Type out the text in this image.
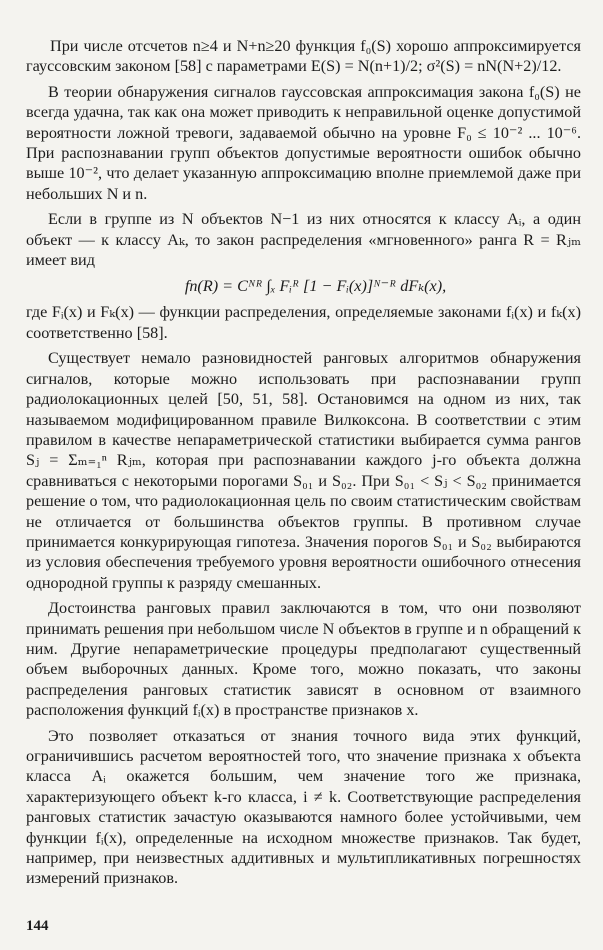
При числе отсчетов n≥4 и N+n≥20 функция f₀(S) хорошо аппроксимируется гауссовским законом [58] с параметрами E(S) = N(n+1)/2; σ²(S) = nN(N+2)/12.

В теории обнаружения сигналов гауссовская аппроксимация закона f₀(S) не всегда удачна, так как она может приводить к неправильной оценке допустимой вероятности ложной тревоги, задаваемой обычно на уровне F₀ ≤ 10⁻² ... 10⁻⁶. При распознавании групп объектов допустимые вероятности ошибок обычно выше 10⁻², что делает указанную аппроксимацию вполне приемлемой даже при небольших N и n.

Если в группе из N объектов N−1 из них относятся к классу Aᵢ, а один объект — к классу Aₖ, то закон распределения «мгновенного» ранга R = Rⱼₘ имеет вид

fп(R) = Cᴺᴿ ∫ₓ Fᵢᴿ [1 − Fᵢ(x)]ᴺ⁻ᴿ dFₖ(x),

где Fᵢ(x) и Fₖ(x) — функции распределения, определяемые законами fᵢ(x) и fₖ(x) соответственно [58].

Существует немало разновидностей ранговых алгоритмов обнаружения сигналов, которые можно использовать при распознавании групп радиолокационных целей [50, 51, 58]. Остановимся на одном из них, так называемом модифицированном правиле Вилкоксона. В соответствии с этим правилом в качестве непараметрической статистики выбирается сумма рангов Sⱼ = Σₘ₌₁ⁿ Rⱼₘ, которая при распознавании каждого j-го объекта должна сравниваться с некоторыми порогами S₀₁ и S₀₂. При S₀₁ < Sⱼ < S₀₂ принимается решение о том, что радиолокационная цель по своим статистическим свойствам не отличается от большинства объектов группы. В противном случае принимается конкурирующая гипотеза. Значения порогов S₀₁ и S₀₂ выбираются из условия обеспечения требуемого уровня вероятности ошибочного отнесения однородной группы к разряду смешанных.

Достоинства ранговых правил заключаются в том, что они позволяют принимать решения при небольшом числе N объектов в группе и n обращений к ним. Другие непараметрические процедуры предполагают существенный объем выборочных данных. Кроме того, можно показать, что законы распределения ранговых статистик зависят в основном от взаимного расположения функций fᵢ(x) в пространстве признаков x.

Это позволяет отказаться от знания точного вида этих функций, ограничившись расчетом вероятностей того, что значение признака x объекта класса Aᵢ окажется большим, чем значение того же признака, характеризующего объект k-го класса, i ≠ k. Соответствующие распределения ранговых статистик зачастую оказываются намного более устойчивыми, чем функции fᵢ(x), определенные на исходном множестве признаков. Так будет, например, при неизвестных аддитивных и мультипликативных погрешностях измерений признаков.

144
